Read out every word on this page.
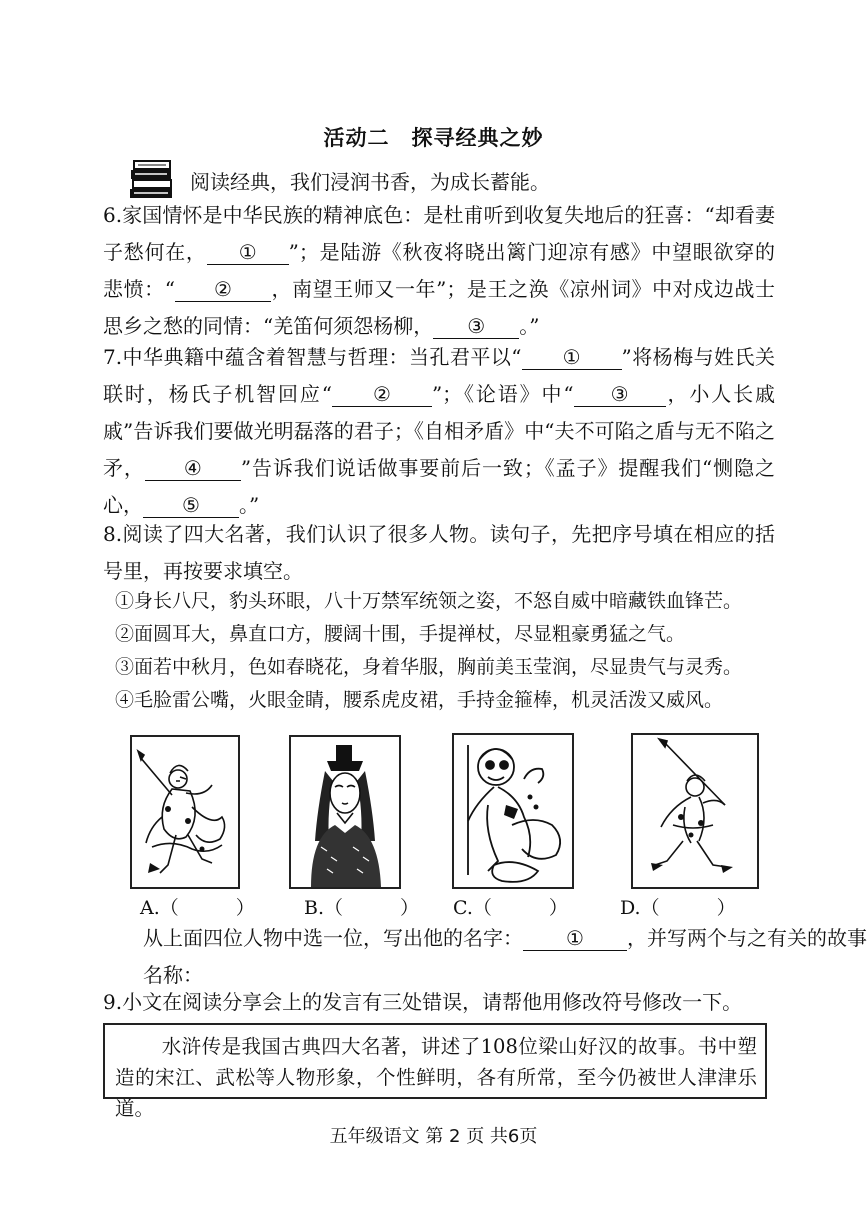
活动二　探寻经典之妙
阅读经典，我们浸润书香，为成长蓄能。
6.家国情怀是中华民族的精神底色：是杜甫听到收复失地后的狂喜：“却看妻子愁何在， ① ”；是陆游《秋夜将晓出篱门迎凉有感》中望眼欲穿的悲愤：“ ② ，南望王师又一年”；是王之涣《凉州词》中对戍边战士思乡之愁的同情：“羌笛何须怨杨柳， ③ 。”
7.中华典籍中蕴含着智慧与哲理：当孔君平以“ ① ”将杨梅与姓氏关联时，杨氏子机智回应“ ② ”；《论语》中“ ③ ，小人长戚戚”告诉我们要做光明磊落的君子；《自相矛盾》中“夫不可陷之盾与无不陷之矛， ④ ”告诉我们说话做事要前后一致；《孟子》提醒我们“恻隐之心， ⑤ 。”
8.阅读了四大名著，我们认识了很多人物。读句子，先把序号填在相应的括号里，再按要求填空。
①身长八尺，豹头环眼，八十万禁军统领之姿，不怒自威中暗藏铁血锋芒。
②面圆耳大，鼻直口方，腰阔十围，手提禅杖，尽显粗豪勇猛之气。
③面若中秋月，色如春晓花，身着华服，胸前美玉莹润，尽显贵气与灵秀。
④毛脸雷公嘴，火眼金睛，腰系虎皮裙，手持金箍棒，机灵活泼又威风。
A.（　　　）	B.（　　　） C.（　　　）	D.（　　　）
从上面四位人物中选一位，写出他的名字： ① ，并写两个与之有关的故事名称：
9.小文在阅读分享会上的发言有三处错误，请帮他用修改符号修改一下。
水浒传是我国古典四大名著，讲述了108位梁山好汉的故事。书中塑造的宋江、武松等人物形象，个性鲜明，各有所常，至今仍被世人津津乐道。
五年级语文 第 2 页 共6页
